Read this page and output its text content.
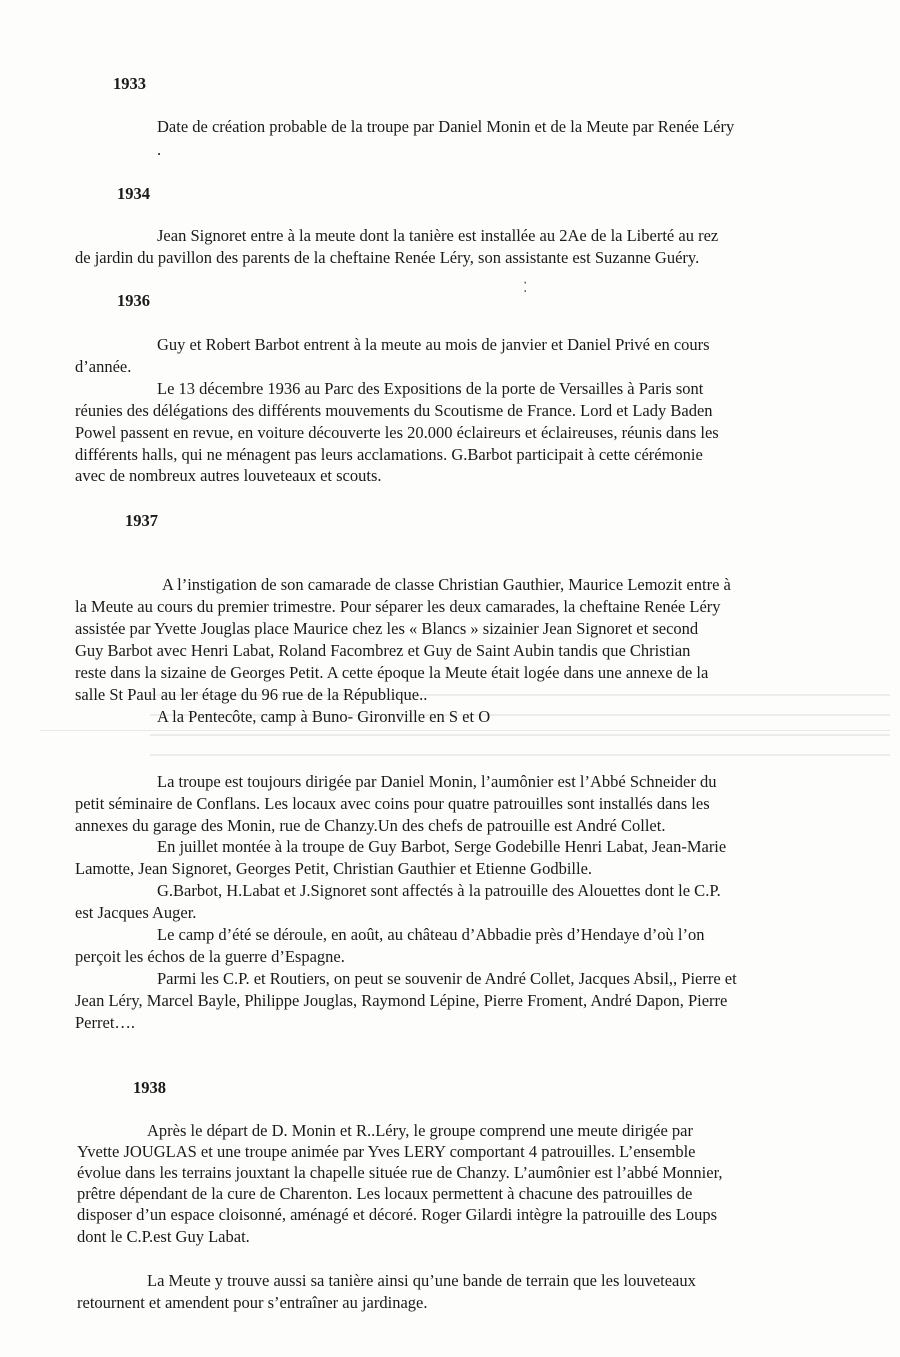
1933
Date de création probable de la troupe par Daniel Monin et de la Meute par Renée Léry
.
1934
Jean Signoret entre à la meute dont la tanière est installée au 2Ae de la Liberté au rez
de jardin du pavillon des parents de la cheftaine Renée Léry, son assistante est Suzanne Guéry.
⁚
1936
Guy et Robert Barbot entrent à la meute au mois de janvier et Daniel Privé en cours
d’année.
Le 13 décembre 1936 au Parc des Expositions de la porte de Versailles à Paris sont
réunies des délégations des différents mouvements du Scoutisme de France. Lord et Lady Baden
Powel passent en revue, en voiture découverte les 20.000 éclaireurs et éclaireuses, réunis dans les
différents halls, qui ne ménagent pas leurs acclamations. G.Barbot participait à cette cérémonie
avec de nombreux autres louveteaux et scouts.
1937
A l’instigation de son camarade de classe Christian Gauthier, Maurice Lemozit entre à
la Meute au cours du premier trimestre. Pour séparer les deux camarades, la cheftaine Renée Léry
assistée par Yvette Jouglas place Maurice chez les « Blancs » sizainier Jean Signoret et second
Guy Barbot avec Henri Labat, Roland Facombrez et Guy de Saint Aubin tandis que Christian
reste dans la sizaine de Georges Petit. A cette époque la Meute était logée dans une annexe de la
salle St Paul au ler étage du 96 rue de la République..
A la Pentecôte, camp à Buno- Gironville en S et O
La troupe est toujours dirigée par Daniel Monin, l’aumônier est l’Abbé Schneider du
petit séminaire de Conflans. Les locaux avec coins pour quatre patrouilles sont installés dans les
annexes du garage des Monin, rue de Chanzy.Un des chefs de patrouille est André Collet.
En juillet montée à la troupe de Guy Barbot, Serge Godebille Henri Labat, Jean-Marie
Lamotte, Jean Signoret, Georges Petit, Christian Gauthier et Etienne Godbille.
G.Barbot, H.Labat et J.Signoret sont affectés à la patrouille des Alouettes dont le C.P.
est Jacques Auger.
Le camp d’été se déroule, en août, au château d’Abbadie près d’Hendaye d’où l’on
perçoit les échos de la guerre d’Espagne.
Parmi les C.P. et Routiers, on peut se souvenir de André Collet, Jacques Absil,, Pierre et
Jean Léry, Marcel Bayle, Philippe Jouglas, Raymond Lépine, Pierre Froment, André Dapon, Pierre
Perret….
1938
Après le départ de D. Monin et R..Léry, le groupe comprend une meute dirigée par
Yvette JOUGLAS et une troupe animée par Yves LERY comportant 4 patrouilles. L’ensemble
évolue dans les terrains jouxtant la chapelle située rue de Chanzy. L’aumônier est l’abbé Monnier,
prêtre dépendant de la cure de Charenton. Les locaux permettent à chacune des patrouilles de
disposer d’un espace cloisonné, aménagé et décoré. Roger Gilardi intègre la patrouille des Loups
dont le C.P.est Guy Labat.
La Meute y trouve aussi sa tanière ainsi qu’une bande de terrain que les louveteaux
retournent et amendent pour s’entraîner au jardinage.
